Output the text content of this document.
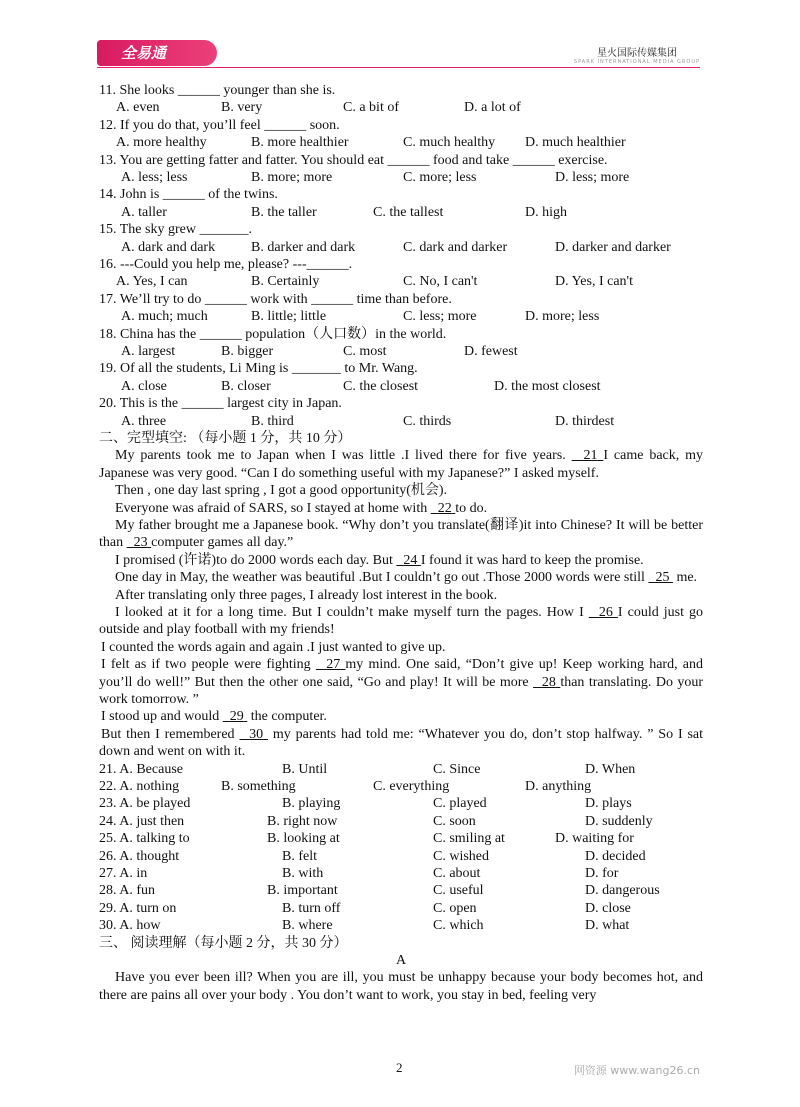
全易通	星火国际传媒集团
SPARK INTERNATIONAL MEDIA GROUP
11. She looks ______ younger than she is.
A. even	B. very	C. a bit of	D. a lot of
12. If you do that, you’ll feel ______ soon.
A. more healthy	B. more healthier	C. much healthy D. much healthier
13. You are getting fatter and fatter. You should eat ______ food and take ______ exercise.
A. less; less	B. more; more	C. more; less	D. less; more
14. John is ______ of the twins.
A. taller	B. the taller	C. the tallest	D. high
15. The sky grew _______.
A. dark and dark	B. darker and dark	C. dark and darker	D. darker and darker
16. ---Could you help me, please? ---______.
A. Yes, I can	B. Certainly	C. No, I can't	D. Yes, I can't
17. We’ll try to do ______ work with ______ time than before.
A. much; much	B. little; little	C. less; more	D. more; less
18. China has the ______ population（人口数）in the world.
A. largest	B. bigger	C. most	D. fewest
19. Of all the students, Li Ming is _______ to Mr. Wang.
A. close	B. closer	C. the closest	D. the most closest
20. This is the ______ largest city in Japan.
A. three	B. third	C. thirds	D. thirdest
二、完型填空: （每小题 1 分，共 10 分）
My parents took me to Japan when I was little .I lived there for five years. 21 I came back, my Japanese was very good. “Can I do something useful with my Japanese?” I asked myself.
Then , one day last spring , I got a good opportunity(机会).
Everyone was afraid of SARS, so I stayed at home with 22 to do.
My father brought me a Japanese book. “Why don’t you translate(翻译)it into Chinese? It will be better than 23 computer games all day.”
I promised (许诺)to do 2000 words each day. But 24 I found it was hard to keep the promise.
One day in May, the weather was beautiful .But I couldn’t go out .Those 2000 words were still 25 me.
After translating only three pages, I already lost interest in the book.
I looked at it for a long time. But I couldn’t make myself turn the pages. How I 26 I could just go outside and play football with my friends!
I counted the words again and again .I just wanted to give up.
I felt as if two people were fighting 27 my mind. One said, “Don’t give up! Keep working hard, and you’ll do well!” But then the other one said, “Go and play! It will be more 28 than translating. Do your work tomorrow. ”
I stood up and would 29 the computer.
But then I remembered 30 my parents had told me: “Whatever you do, don’t stop halfway. ” So I sat down and went on with it.
21. A. Because	B. Until	C. Since	D. When
22. A. nothing	B. something	C. everything	D. anything
23. A. be played	B. playing	C. played	D. plays
24. A. just then	B. right now	C. soon	D. suddenly
25. A. talking to	B. looking at	C. smiling at	D. waiting for
26. A. thought	B. felt	C. wished	D. decided
27. A. in	B. with	C. about	D. for
28. A. fun	B. important	C. useful	D. dangerous
29. A. turn on	B. turn off	C. open	D. close
30. A. how	B. where	C. which	D. what
三、 阅读理解（每小题 2 分，共 30 分）
A
Have you ever been ill? When you are ill, you must be unhappy because your body becomes hot, and there are pains all over your body . You don’t want to work, you stay in bed, feeling very
2	网资源 www.wang26.cn
